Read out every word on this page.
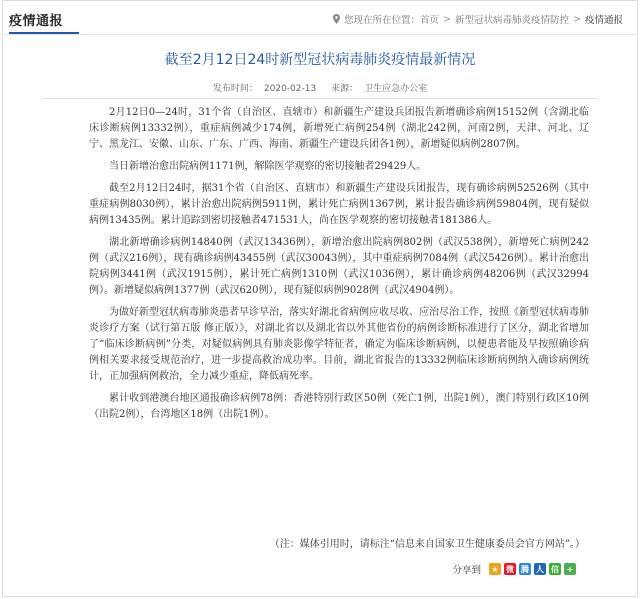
疫情通报	您现在所在位置： 首页 > 新型冠状病毒肺炎疫情防控 > 疫情通报
截至2月12日24时新型冠状病毒肺炎疫情最新情况
发布时间： 2020-02-13 来源： 卫生应急办公室

2月12日0—24时，31个省（自治区、直辖市）和新疆生产建设兵团报告新增确诊病例15152例（含湖北临床诊断病例13332例），重症病例减少174例，新增死亡病例254例（湖北242例，河南2例，天津、河北、辽宁、黑龙江、安徽、山东、广东、广西、海南、新疆生产建设兵团各1例），新增疑似病例2807例。

当日新增治愈出院病例1171例，解除医学观察的密切接触者29429人。

截至2月12日24时，据31个省（自治区、直辖市）和新疆生产建设兵团报告，现有确诊病例52526例（其中重症病例8030例），累计治愈出院病例5911例，累计死亡病例1367例，累计报告确诊病例59804例，现有疑似病例13435例。累计追踪到密切接触者471531人，尚在医学观察的密切接触者181386人。

湖北新增确诊病例14840例（武汉13436例），新增治愈出院病例802例（武汉538例），新增死亡病例242例（武汉216例），现有确诊病例43455例（武汉30043例），其中重症病例7084例（武汉5426例）。累计治愈出院病例3441例（武汉1915例），累计死亡病例1310例（武汉1036例），累计确诊病例48206例（武汉32994例）。新增疑似病例1377例（武汉620例），现有疑似病例9028例（武汉4904例）。

为做好新型冠状病毒肺炎患者早诊早治，落实好湖北省病例应收尽收、应治尽治工作，按照《新型冠状病毒肺炎诊疗方案（试行第五版 修正版）》，对湖北省以及湖北省以外其他省份的病例诊断标准进行了区分，湖北省增加了“临床诊断病例”分类，对疑似病例具有肺炎影像学特征者，确定为临床诊断病例，以便患者能及早按照确诊病例相关要求接受规范治疗，进一步提高救治成功率。目前，湖北省报告的13332例临床诊断病例纳入确诊病例统计，正加强病例救治，全力减少重症，降低病死率。

累计收到港澳台地区通报确诊病例78例：香港特别行政区50例（死亡1例，出院1例），澳门特别行政区10例（出院2例），台湾地区18例（出院1例）。

（注：媒体引用时，请标注“信息来自国家卫生健康委员会官方网站”。）
分享到	★ 微 腾 人 信 +
